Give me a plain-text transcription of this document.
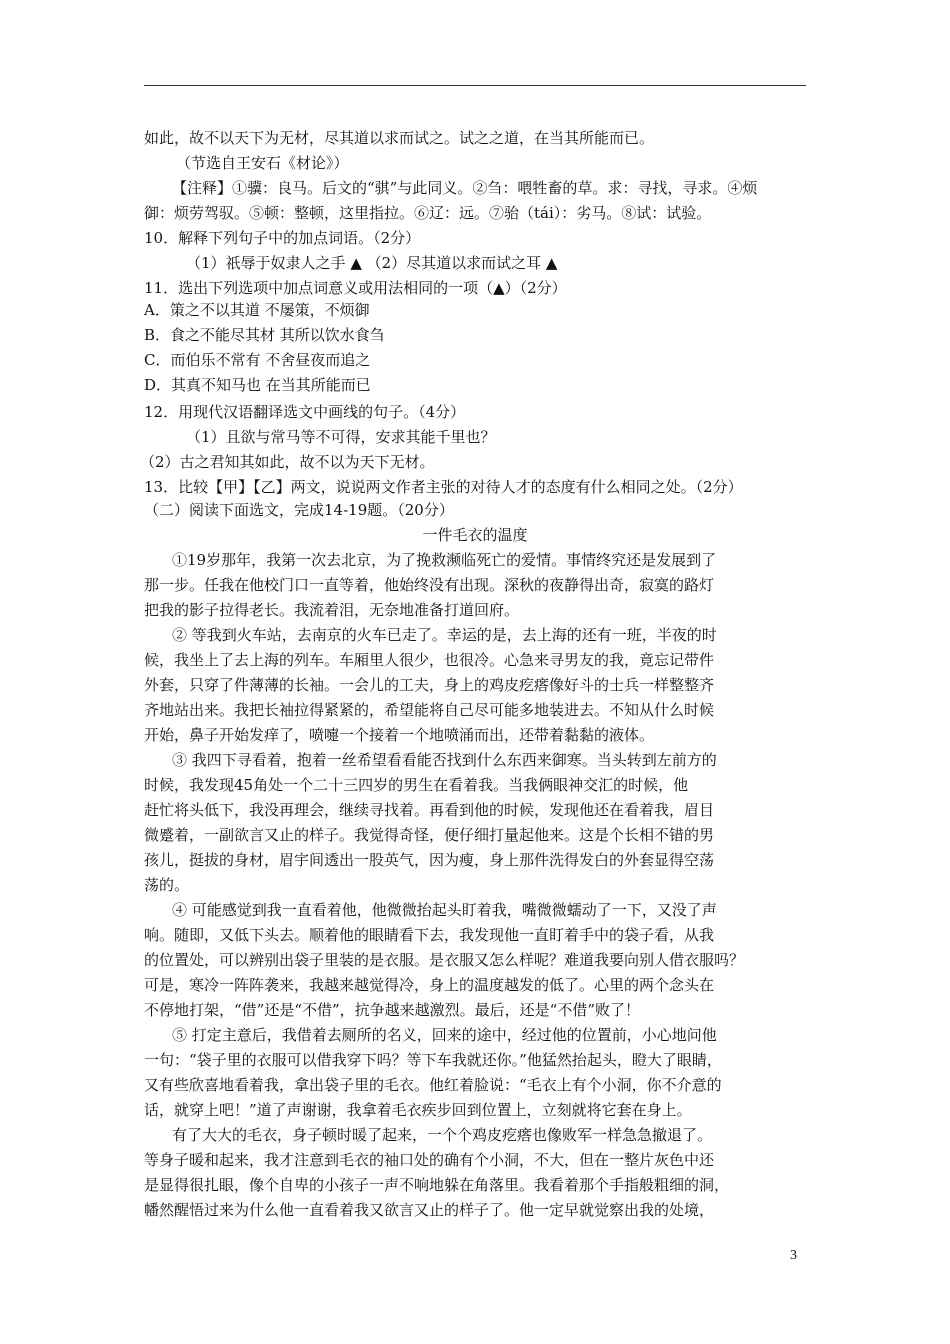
如此，故不以天下为无材，尽其道以求而试之。试之之道，在当其所能而已。
（节选自王安石《材论》）
【注释】①骥：良马。后文的“骐”与此同义。②刍：喂牲畜的草。求：寻找，寻求。④烦
御：烦劳驾驭。⑤顿：整顿，这里指拉。⑥辽：远。⑦骀（tái）：劣马。⑧试：试验。
10．解释下列句子中的加点词语。（2分）
（1）祇辱于奴隶人之手 ▲ （2）尽其道以求而试之耳 ▲
11．选出下列选项中加点词意义或用法相同的一项（▲）（2分）
A．策之不以其道 不屡策，不烦御
B．食之不能尽其材 其所以饮水食刍
C．而伯乐不常有 不舍昼夜而追之
D．其真不知马也 在当其所能而已
12．用现代汉语翻译选文中画线的句子。（4分）
（1）且欲与常马等不可得，安求其能千里也？
（2）古之君知其如此，故不以为天下无材。
13．比较【甲】【乙】两文，说说两文作者主张的对待人才的态度有什么相同之处。（2分）
（二）阅读下面选文，完成14-19题。（20分）
一件毛衣的温度
①19岁那年，我第一次去北京，为了挽救濒临死亡的爱情。事情终究还是发展到了
那一步。任我在他校门口一直等着，他始终没有出现。深秋的夜静得出奇，寂寞的路灯
把我的影子拉得老长。我流着泪，无奈地准备打道回府。
② 等我到火车站，去南京的火车已走了。幸运的是，去上海的还有一班，半夜的时
候，我坐上了去上海的列车。车厢里人很少，也很冷。心急来寻男友的我，竟忘记带件
外套，只穿了件薄薄的长袖。一会儿的工夫，身上的鸡皮疙瘩像好斗的士兵一样整整齐
齐地站出来。我把长袖拉得紧紧的，希望能将自己尽可能多地装进去。不知从什么时候
开始，鼻子开始发痒了，喷嚏一个接着一个地喷涌而出，还带着黏黏的液体。
③ 我四下寻看着，抱着一丝希望看看能否找到什么东西来御寒。当头转到左前方的
时候，我发现45角处一个二十三四岁的男生在看着我。当我俩眼神交汇的时候，他
赶忙将头低下，我没再理会，继续寻找着。再看到他的时候，发现他还在看着我，眉目
微蹙着，一副欲言又止的样子。我觉得奇怪，便仔细打量起他来。这是个长相不错的男
孩儿，挺拔的身材，眉宇间透出一股英气，因为瘦，身上那件洗得发白的外套显得空荡
荡的。
④ 可能感觉到我一直看着他，他微微抬起头盯着我，嘴微微蠕动了一下，又没了声
响。随即，又低下头去。顺着他的眼睛看下去，我发现他一直盯着手中的袋子看，从我
的位置处，可以辨别出袋子里装的是衣服。是衣服又怎么样呢？难道我要向别人借衣服吗？
可是，寒冷一阵阵袭来，我越来越觉得冷，身上的温度越发的低了。心里的两个念头在
不停地打架，“借”还是“不借”，抗争越来越激烈。最后，还是“不借”败了！
⑤ 打定主意后，我借着去厕所的名义，回来的途中，经过他的位置前，小心地问他
一句：“袋子里的衣服可以借我穿下吗？等下车我就还你。”他猛然抬起头，瞪大了眼睛，
又有些欣喜地看着我，拿出袋子里的毛衣。他红着脸说：“毛衣上有个小洞，你不介意的
话，就穿上吧！”道了声谢谢，我拿着毛衣疾步回到位置上，立刻就将它套在身上。
有了大大的毛衣，身子顿时暖了起来，一个个鸡皮疙瘩也像败军一样急急撤退了。
等身子暖和起来，我才注意到毛衣的袖口处的确有个小洞，不大，但在一整片灰色中还
是显得很扎眼，像个自卑的小孩子一声不响地躲在角落里。我看着那个手指般粗细的洞，
幡然醒悟过来为什么他一直看着我又欲言又止的样子了。他一定早就觉察出我的处境，
3
